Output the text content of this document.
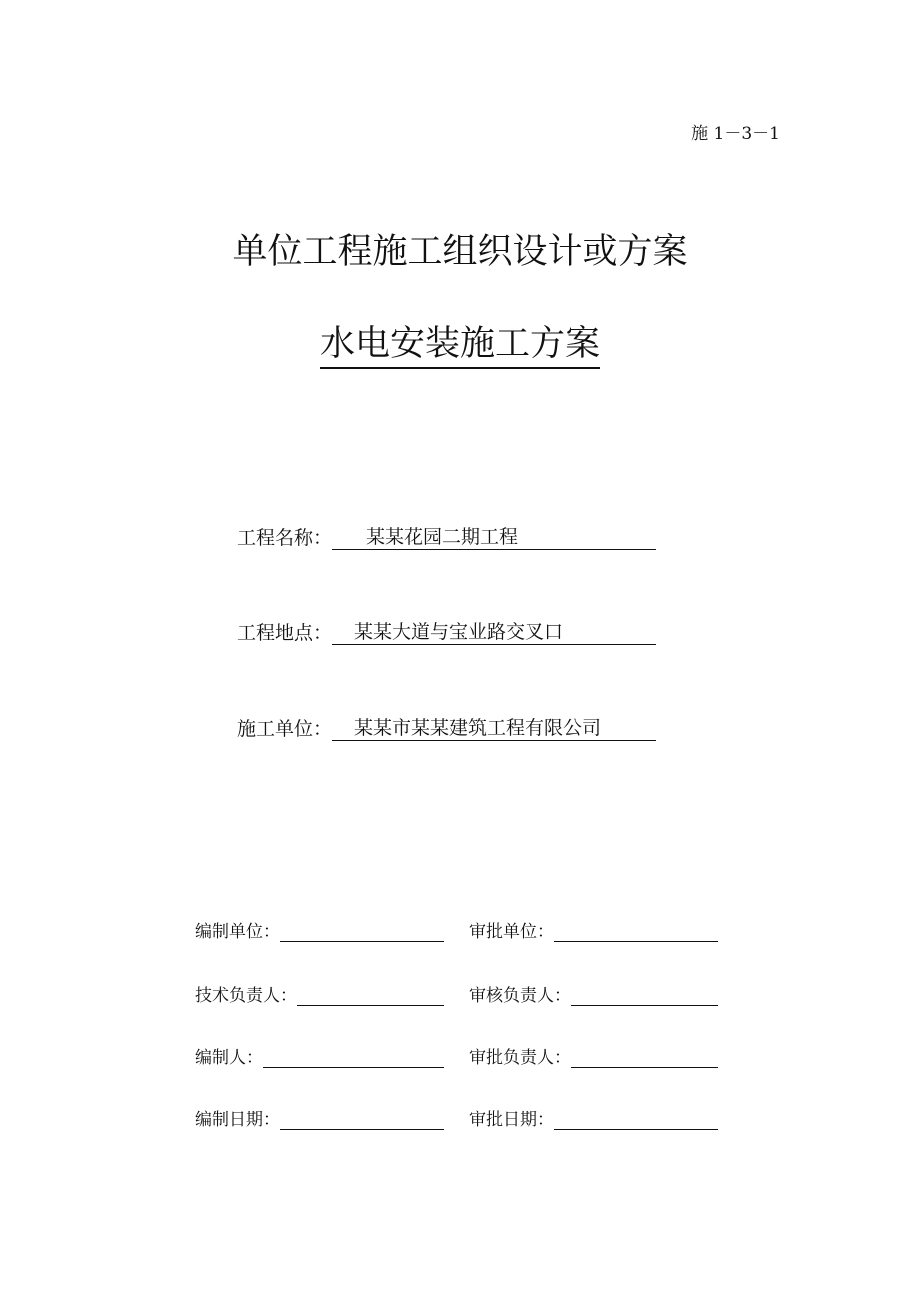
施 1－3－1
单位工程施工组织设计或方案
水电安装施工方案
工程名称：	某某花园二期工程
工程地点：	某某大道与宝业路交叉口
施工单位：	某某市某某建筑工程有限公司
编制单位：	审批单位：
技术负责人：	审核负责人：
编制人：	审批负责人：
编制日期：	审批日期：
